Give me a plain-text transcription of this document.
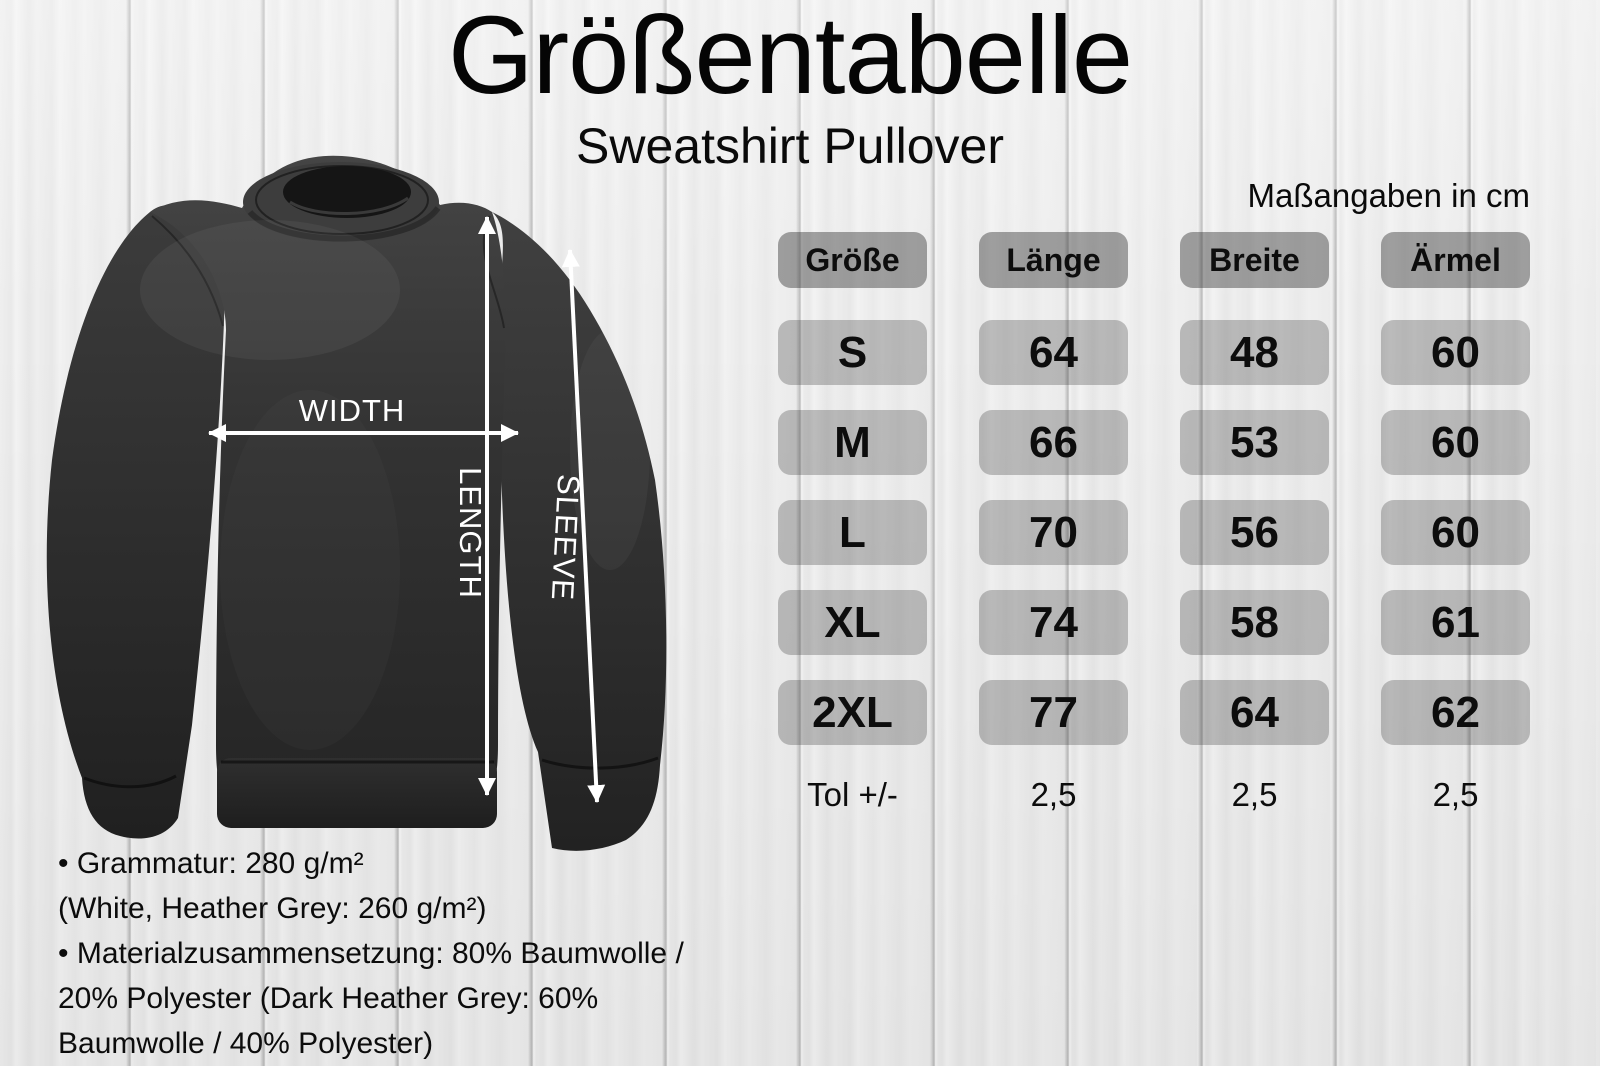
Größentabelle
Sweatshirt Pullover
Maßangaben in cm
Größe	Länge	Breite	Ärmel
S	64	48	60
M	66	53	60
L	70	56	60
XL	74	58	61
2XL	77	64	62
Tol +/-	2,5	2,5	2,5
WIDTH
LENGTH SLEEVE
• Grammatur: 280 g/m²
(White, Heather Grey: 260 g/m²)
• Materialzusammensetzung: 80% Baumwolle /
20% Polyester (Dark Heather Grey: 60%
Baumwolle / 40% Polyester)
